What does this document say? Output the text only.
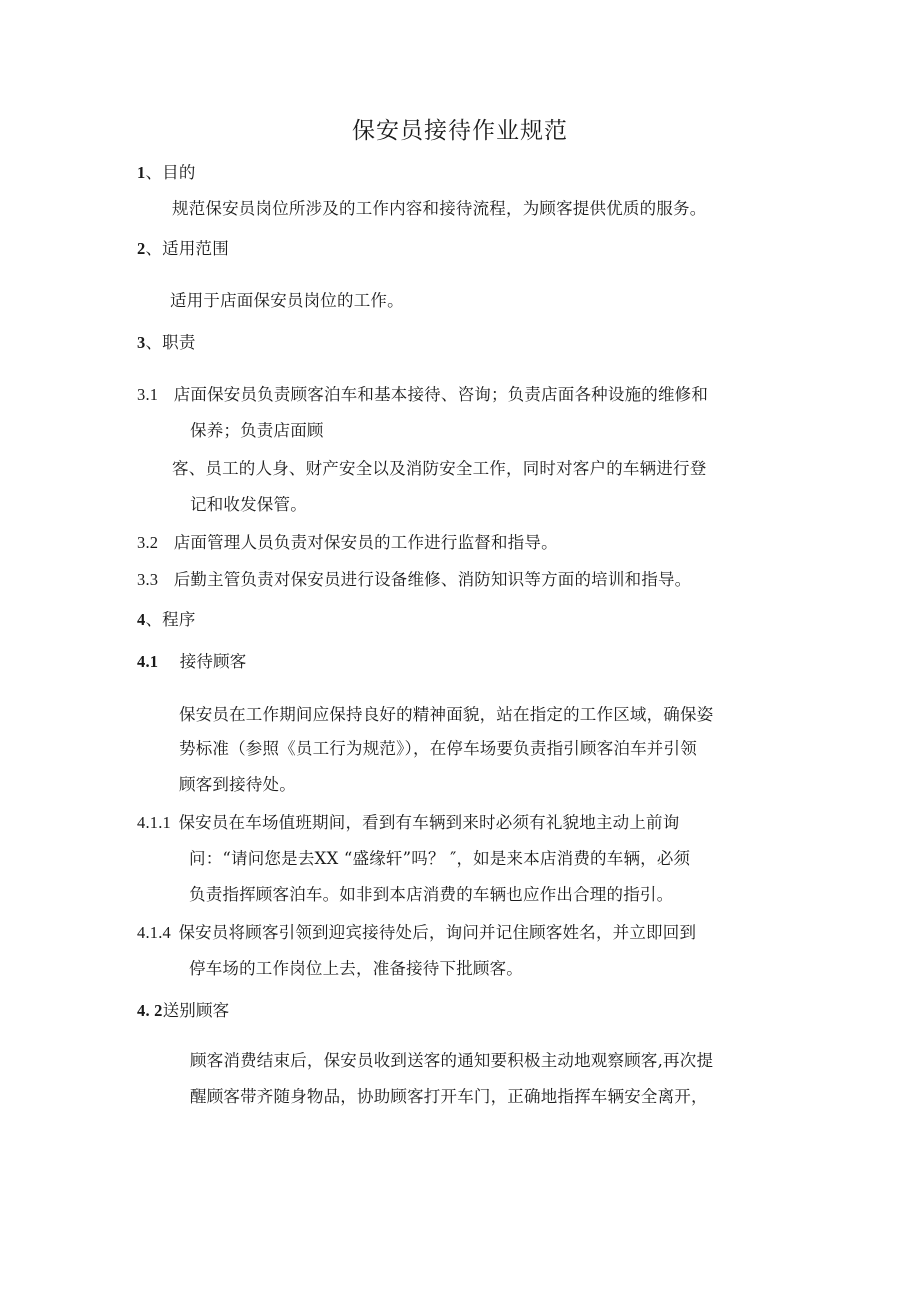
保安员接待作业规范
1、目的
规范保安员岗位所涉及的工作内容和接待流程，为顾客提供优质的服务。
2、适用范围
适用于店面保安员岗位的工作。
3、职责
3.1 店面保安员负责顾客泊车和基本接待、咨询；负责店面各种设施的维修和
保养；负责店面顾
客、员工的人身、财产安全以及消防安全工作，同时对客户的车辆进行登
记和收发保管。
3.2 店面管理人员负责对保安员的工作进行监督和指导。
3.3 后勤主管负责对保安员进行设备维修、消防知识等方面的培训和指导。
4、程序
4.1 接待顾客
保安员在工作期间应保持良好的精神面貌，站在指定的工作区域，确保姿
势标准（参照《员工行为规范》），在停车场要负责指引顾客泊车并引领
顾客到接待处。
4.1.1 保安员在车场值班期间，看到有车辆到来时必须有礼貌地主动上前询
问：“请问您是去XX “盛缘轩”吗？ ″，如是来本店消费的车辆，必须
负责指挥顾客泊车。如非到本店消费的车辆也应作出合理的指引。
4.1.4 保安员将顾客引领到迎宾接待处后，询问并记住顾客姓名，并立即回到
停车场的工作岗位上去，准备接待下批顾客。
4. 2送别顾客
顾客消费结束后，保安员收到送客的通知要积极主动地观察顾客,再次提
醒顾客带齐随身物品，协助顾客打开车门，正确地指挥车辆安全离开，
